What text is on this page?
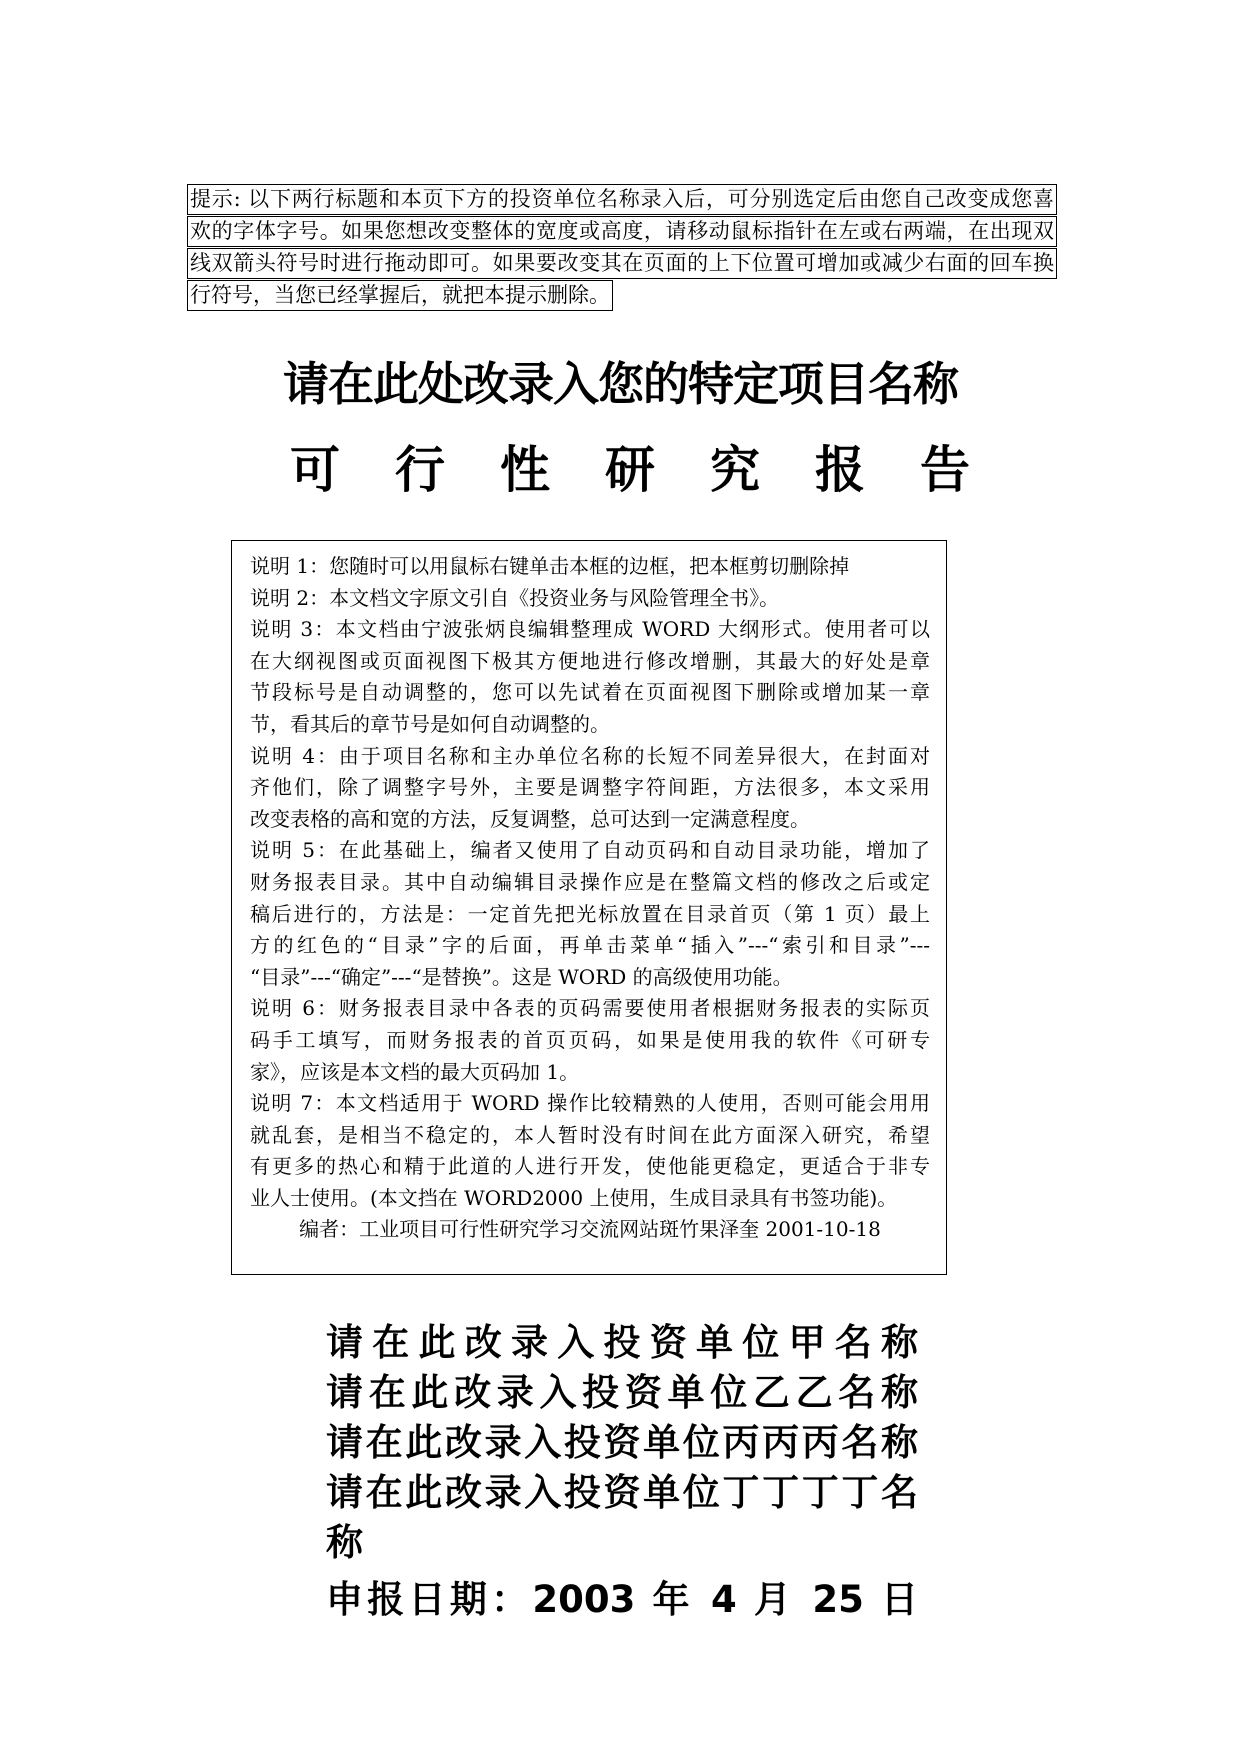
提示: 以下两行标题和本页下方的投资单位名称录入后，可分别选定后由您自己改变成您喜
欢的字体字号。如果您想改变整体的宽度或高度，请移动鼠标指针在左或右两端，在出现双
线双箭头符号时进行拖动即可。如果要改变其在页面的上下位置可增加或减少右面的回车换
行符号，当您已经掌握后，就把本提示删除。
请在此处改录入您的特定项目名称
可 行 性 研 究 报 告
说明 1：您随时可以用鼠标右键单击本框的边框，把本框剪切删除掉
说明 2：本文档文字原文引自《投资业务与风险管理全书》。
说明 3：本文档由宁波张炳良编辑整理成 WORD 大纲形式。使用者可以
在大纲视图或页面视图下极其方便地进行修改增删，其最大的好处是章
节段标号是自动调整的，您可以先试着在页面视图下删除或增加某一章
节，看其后的章节号是如何自动调整的。
说明 4：由于项目名称和主办单位名称的长短不同差异很大，在封面对
齐他们，除了调整字号外，主要是调整字符间距，方法很多，本文采用
改变表格的高和宽的方法，反复调整，总可达到一定满意程度。
说明 5：在此基础上，编者又使用了自动页码和自动目录功能，增加了
财务报表目录。其中自动编辑目录操作应是在整篇文档的修改之后或定
稿后进行的，方法是：一定首先把光标放置在目录首页（第 1 页）最上
方的红色的“目录”字的后面，再单击菜单“插入”---“索引和目录”---
“目录”---“确定”---“是替换”。这是 WORD 的高级使用功能。
说明 6：财务报表目录中各表的页码需要使用者根据财务报表的实际页
码手工填写，而财务报表的首页页码，如果是使用我的软件《可研专
家》，应该是本文档的最大页码加 1。
说明 7：本文档适用于 WORD 操作比较精熟的人使用，否则可能会用用
就乱套，是相当不稳定的，本人暂时没有时间在此方面深入研究，希望
有更多的热心和精于此道的人进行开发，使他能更稳定，更适合于非专
业人士使用。(本文挡在 WORD2000 上使用，生成目录具有书签功能)。
编者：工业项目可行性研究学习交流网站斑竹果泽奎 2001-10-18
请在此改录入投资单位甲名称
请在此改录入投资单位乙乙名称
请在此改录入投资单位丙丙丙名称
请在此改录入投资单位丁丁丁丁名
称
申报日期：2003 年 4 月 25 日
